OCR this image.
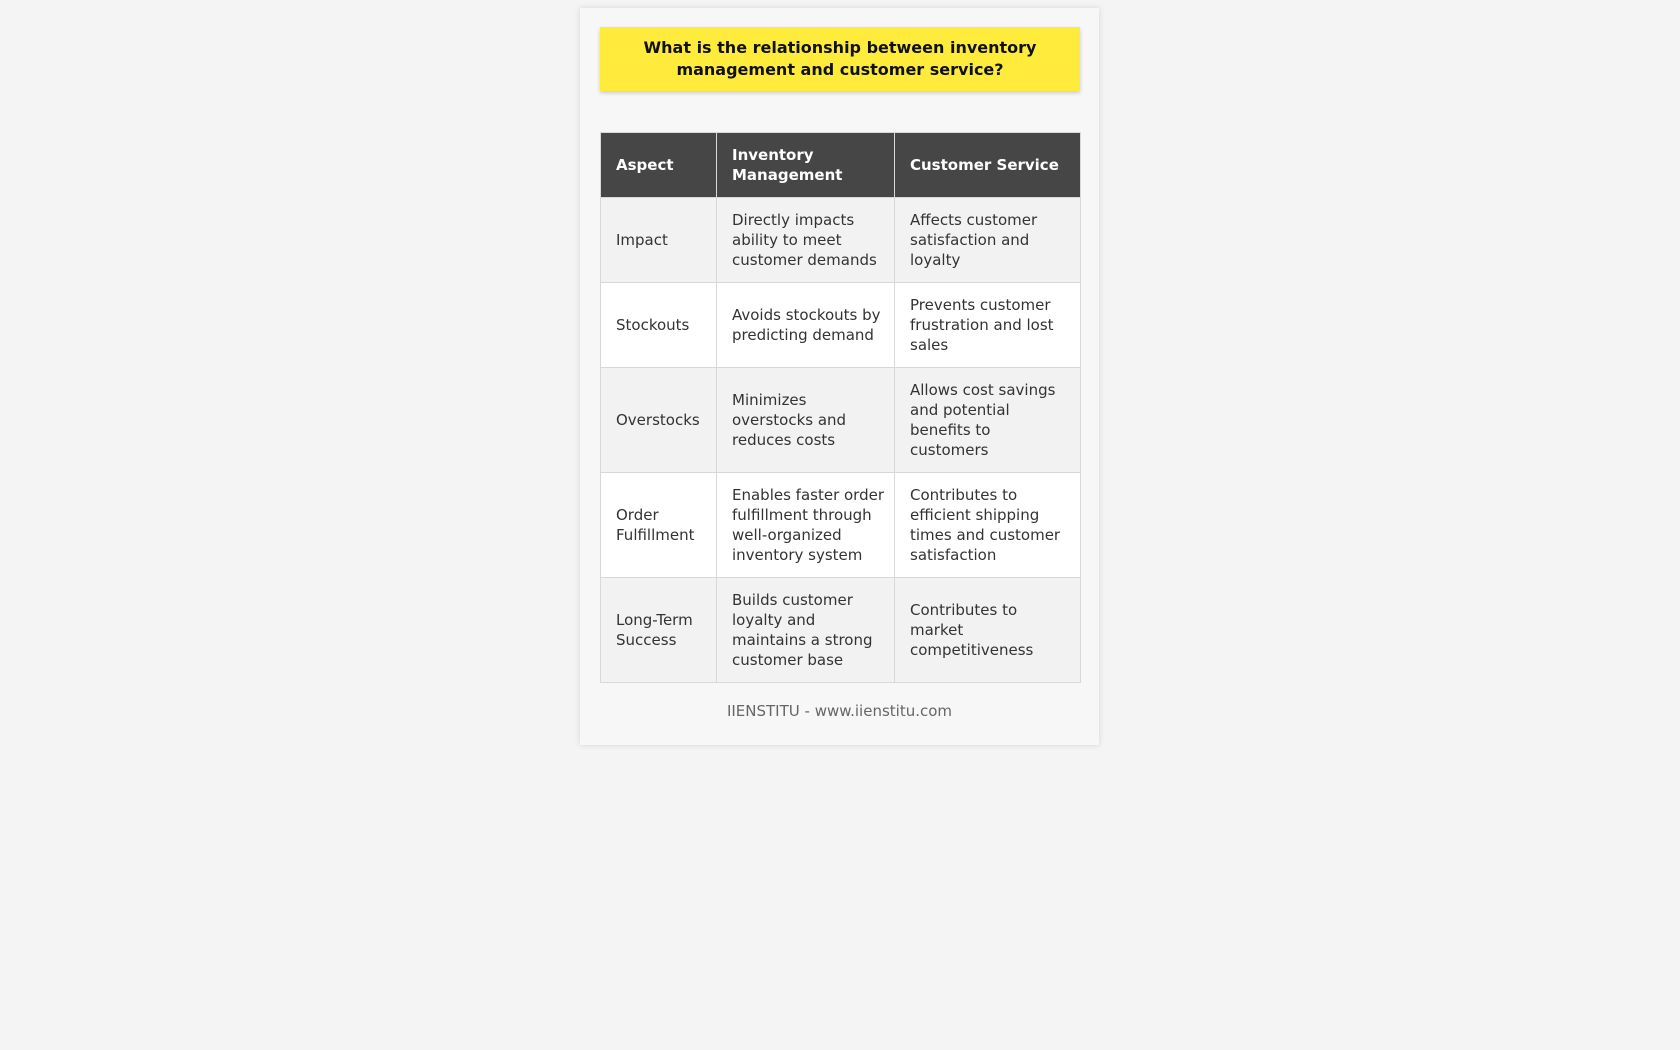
What is the relationship between inventory management and customer service?

Aspect	Inventory Management	Customer Service
Impact	Directly impacts ability to meet customer demands	Affects customer satisfaction and loyalty
Stockouts	Avoids stockouts by predicting demand	Prevents customer frustration and lost sales
Overstocks	Minimizes overstocks and reduces costs	Allows cost savings and potential benefits to customers
Order Fulfillment	Enables faster order fulfillment through well-organized inventory system	Contributes to efficient shipping times and customer satisfaction
Long-Term Success	Builds customer loyalty and maintains a strong customer base	Contributes to market competitiveness
IIENSTITU - www.iienstitu.com
